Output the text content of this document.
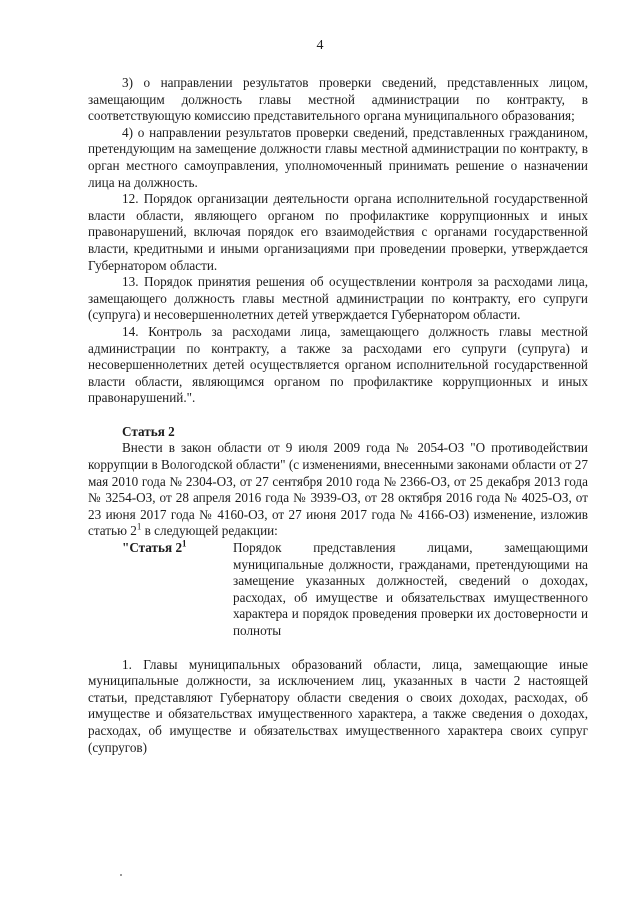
4

3) о направлении результатов проверки сведений, представленных лицом, замещающим должность главы местной администрации по контракту, в соответствующую комиссию представительного органа муниципального образования;

4) о направлении результатов проверки сведений, представленных гражданином, претендующим на замещение должности главы местной администрации по контракту, в орган местного самоуправления, уполномоченный принимать решение о назначении лица на должность.

12. Порядок организации деятельности органа исполнительной государственной власти области, являющего органом по профилактике коррупционных и иных правонарушений, включая порядок его взаимодействия с органами государственной власти, кредитными и иными организациями при проведении проверки, утверждается Губернатором области.

13. Порядок принятия решения об осуществлении контроля за расходами лица, замещающего должность главы местной администрации по контракту, его супруги (супруга) и несовершеннолетних детей утверждается Губернатором области.

14. Контроль за расходами лица, замещающего должность главы местной администрации по контракту, а также за расходами его супруги (супруга) и несовершеннолетних детей осуществляется органом исполнительной государственной власти области, являющимся органом по профилактике коррупционных и иных правонарушений.".

Статья 2

Внести в закон области от 9 июля 2009 года № 2054-ОЗ "О противодействии коррупции в Вологодской области" (с изменениями, внесенными законами области от 27 мая 2010 года № 2304-ОЗ, от 27 сентября 2010 года № 2366-ОЗ, от 25 декабря 2013 года № 3254-ОЗ, от 28 апреля 2016 года № 3939-ОЗ, от 28 октября 2016 года № 4025-ОЗ, от 23 июня 2017 года № 4160-ОЗ, от 27 июня 2017 года № 4166-ОЗ) изменение, изложив статью $2^1$ в следующей редакции:

"Статья $2^1$	Порядок представления лицами, замещающими муниципальные должности, гражданами, претендующими на замещение указанных должностей, сведений о доходах, расходах, об имуществе и обязательствах имущественного характера и порядок проведения проверки их достоверности и полноты

1. Главы муниципальных образований области, лица, замещающие иные муниципальные должности, за исключением лиц, указанных в части 2 настоящей статьи, представляют Губернатору области сведения о своих доходах, расходах, об имуществе и обязательствах имущественного характера, а также сведения о доходах, расходах, об имуществе и обязательствах имущественного характера своих супруг (супругов)
